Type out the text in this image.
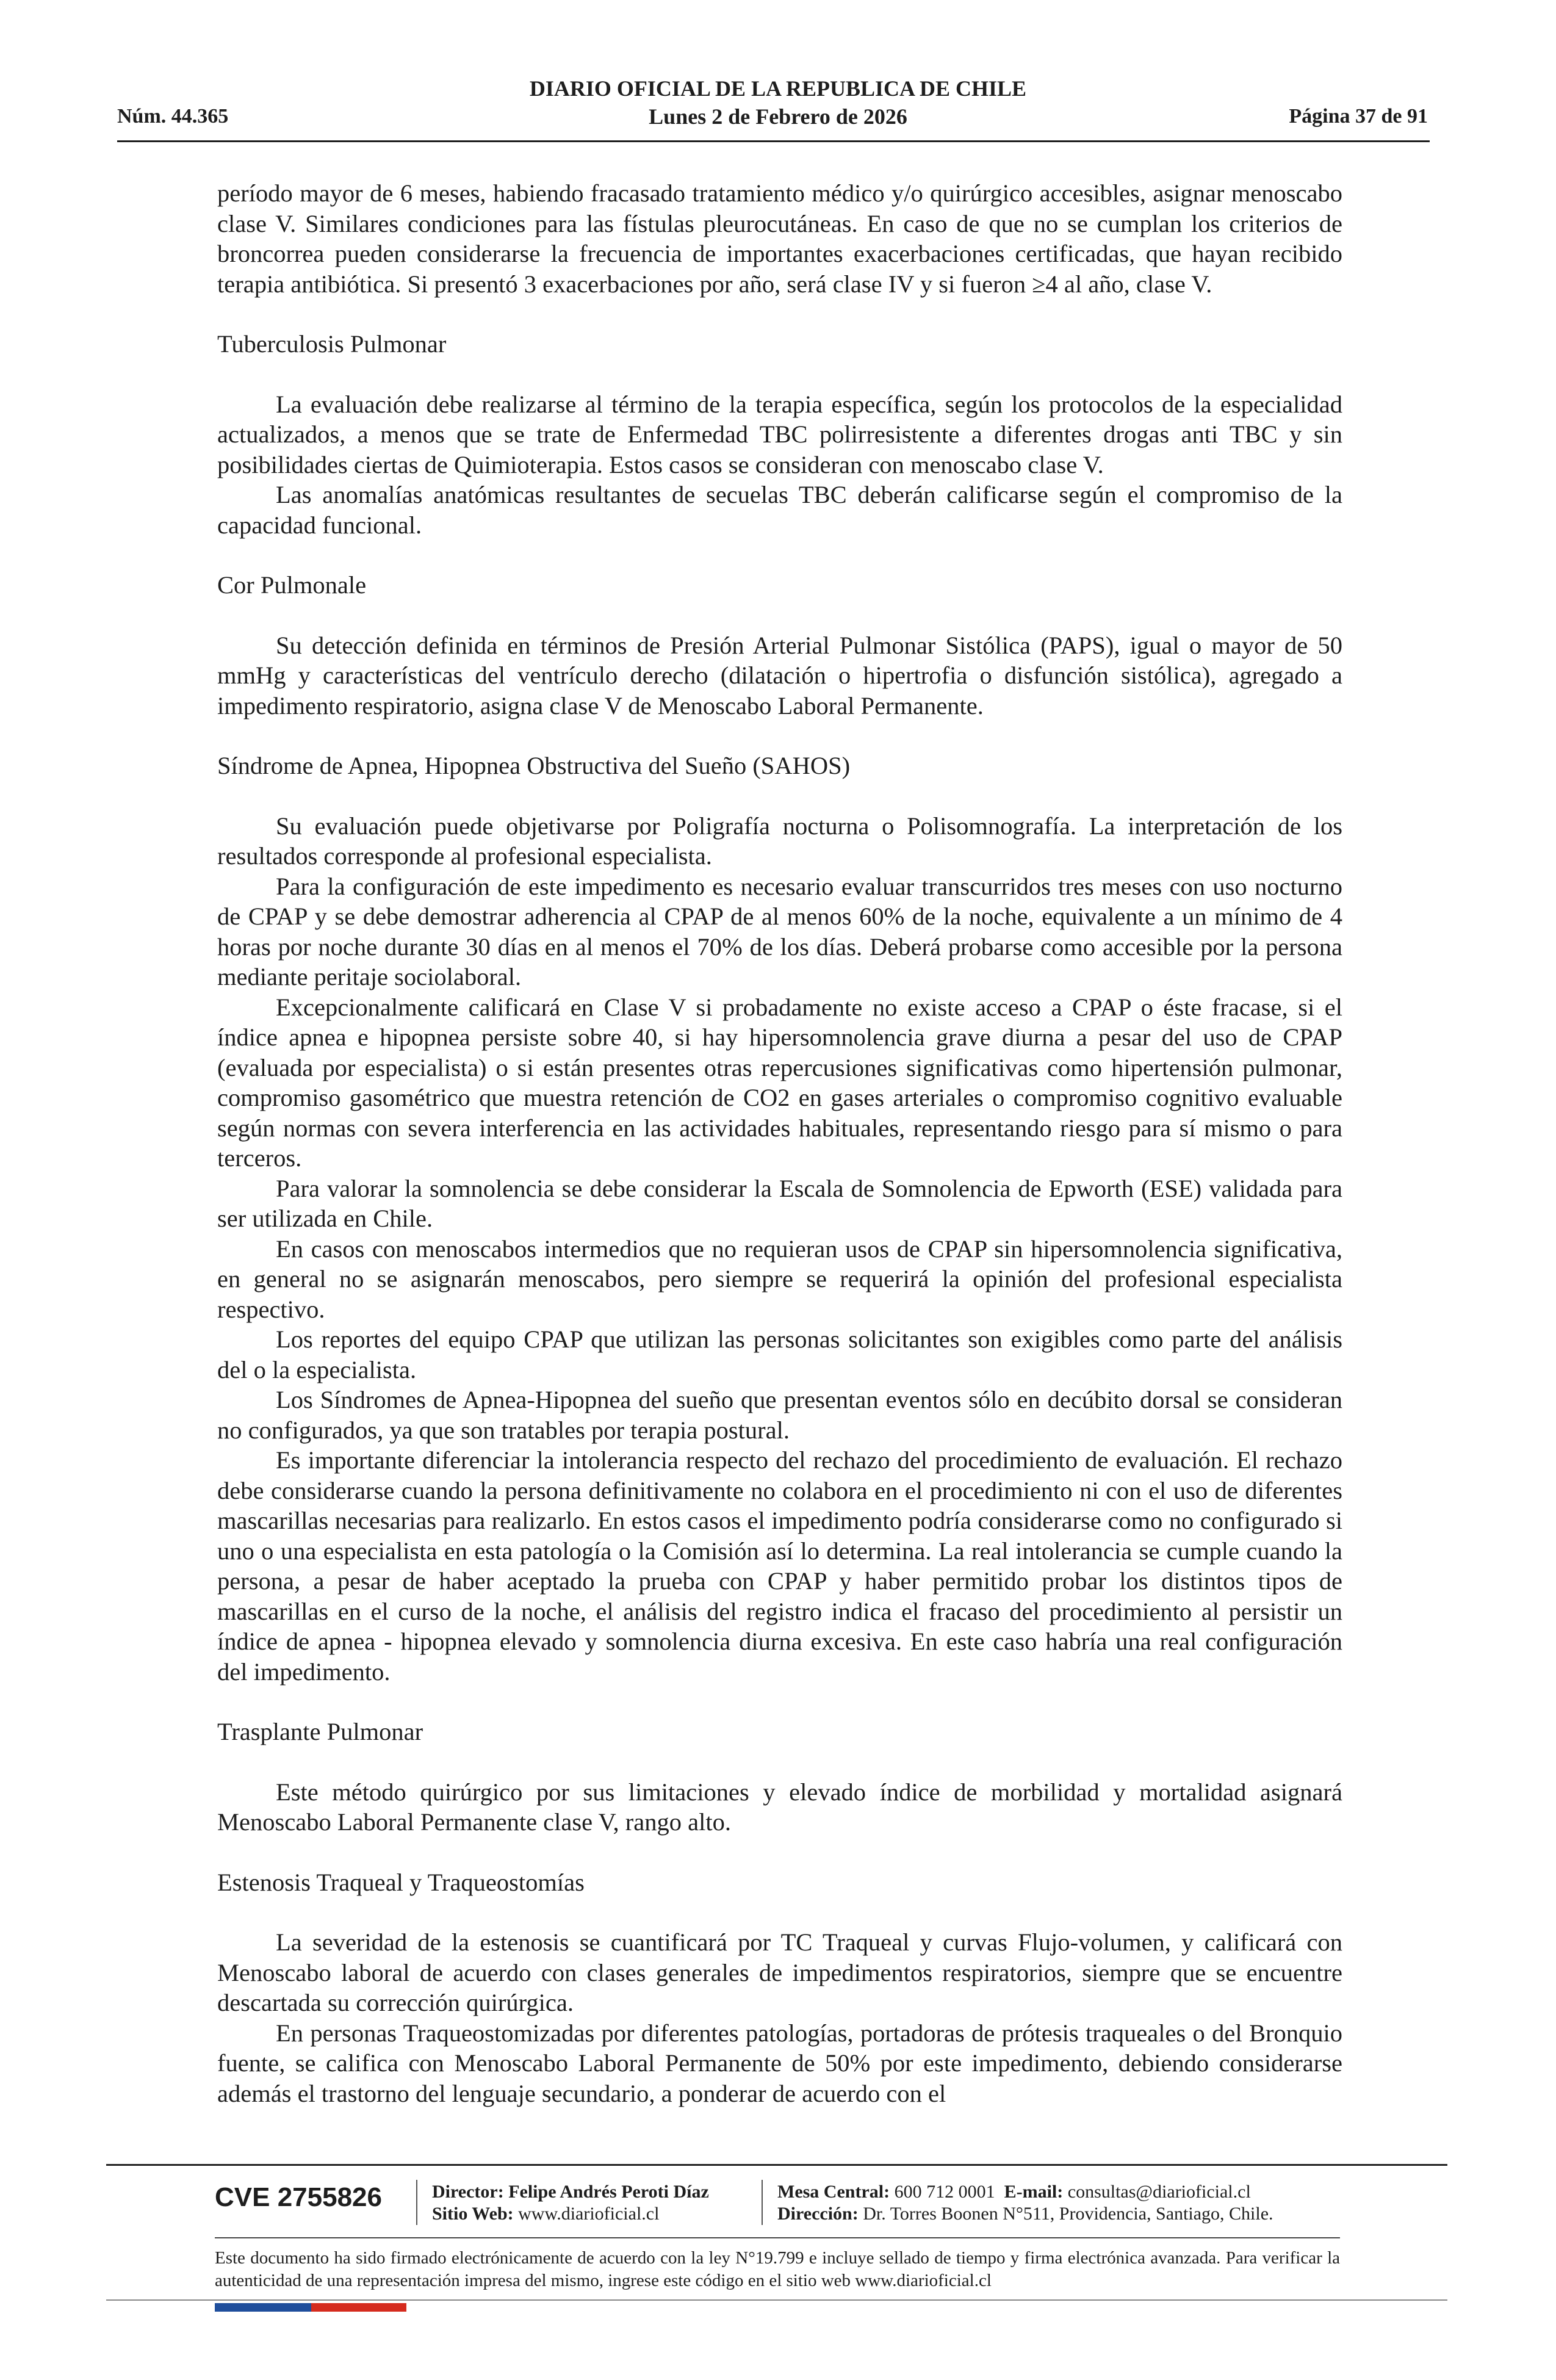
Núm. 44.365
DIARIO OFICIAL DE LA REPUBLICA DE CHILE
Lunes 2 de Febrero de 2026	Página 37 de 91

período mayor de 6 meses, habiendo fracasado tratamiento médico y/o quirúrgico accesibles, asignar menoscabo clase V. Similares condiciones para las fístulas pleurocutáneas. En caso de que no se cumplan los criterios de broncorrea pueden considerarse la frecuencia de importantes exacerbaciones certificadas, que hayan recibido terapia antibiótica. Si presentó 3 exacerbaciones por año, será clase IV y si fueron ≥4 al año, clase V.

Tuberculosis Pulmonar

La evaluación debe realizarse al término de la terapia específica, según los protocolos de la especialidad actualizados, a menos que se trate de Enfermedad TBC polirresistente a diferentes drogas anti TBC y sin posibilidades ciertas de Quimioterapia. Estos casos se consideran con menoscabo clase V.

Las anomalías anatómicas resultantes de secuelas TBC deberán calificarse según el compromiso de la capacidad funcional.

Cor Pulmonale

Su detección definida en términos de Presión Arterial Pulmonar Sistólica (PAPS), igual o mayor de 50 mmHg y características del ventrículo derecho (dilatación o hipertrofia o disfunción sistólica), agregado a impedimento respiratorio, asigna clase V de Menoscabo Laboral Permanente.

Síndrome de Apnea, Hipopnea Obstructiva del Sueño (SAHOS)

Su evaluación puede objetivarse por Poligrafía nocturna o Polisomnografía. La interpretación de los resultados corresponde al profesional especialista.

Para la configuración de este impedimento es necesario evaluar transcurridos tres meses con uso nocturno de CPAP y se debe demostrar adherencia al CPAP de al menos 60% de la noche, equivalente a un mínimo de 4 horas por noche durante 30 días en al menos el 70% de los días. Deberá probarse como accesible por la persona mediante peritaje sociolaboral.

Excepcionalmente calificará en Clase V si probadamente no existe acceso a CPAP o éste fracase, si el índice apnea e hipopnea persiste sobre 40, si hay hipersomnolencia grave diurna a pesar del uso de CPAP (evaluada por especialista) o si están presentes otras repercusiones significativas como hipertensión pulmonar, compromiso gasométrico que muestra retención de CO2 en gases arteriales o compromiso cognitivo evaluable según normas con severa interferencia en las actividades habituales, representando riesgo para sí mismo o para terceros.

Para valorar la somnolencia se debe considerar la Escala de Somnolencia de Epworth (ESE) validada para ser utilizada en Chile.

En casos con menoscabos intermedios que no requieran usos de CPAP sin hipersomnolencia significativa, en general no se asignarán menoscabos, pero siempre se requerirá la opinión del profesional especialista respectivo.

Los reportes del equipo CPAP que utilizan las personas solicitantes son exigibles como parte del análisis del o la especialista.

Los Síndromes de Apnea-Hipopnea del sueño que presentan eventos sólo en decúbito dorsal se consideran no configurados, ya que son tratables por terapia postural.

Es importante diferenciar la intolerancia respecto del rechazo del procedimiento de evaluación. El rechazo debe considerarse cuando la persona definitivamente no colabora en el procedimiento ni con el uso de diferentes mascarillas necesarias para realizarlo. En estos casos el impedimento podría considerarse como no configurado si uno o una especialista en esta patología o la Comisión así lo determina. La real intolerancia se cumple cuando la persona, a pesar de haber aceptado la prueba con CPAP y haber permitido probar los distintos tipos de mascarillas en el curso de la noche, el análisis del registro indica el fracaso del procedimiento al persistir un índice de apnea - hipopnea elevado y somnolencia diurna excesiva. En este caso habría una real configuración del impedimento.

Trasplante Pulmonar

Este método quirúrgico por sus limitaciones y elevado índice de morbilidad y mortalidad asignará Menoscabo Laboral Permanente clase V, rango alto.

Estenosis Traqueal y Traqueostomías

La severidad de la estenosis se cuantificará por TC Traqueal y curvas Flujo-volumen, y calificará con Menoscabo laboral de acuerdo con clases generales de impedimentos respiratorios, siempre que se encuentre descartada su corrección quirúrgica.

En personas Traqueostomizadas por diferentes patologías, portadoras de prótesis traqueales o del Bronquio fuente, se califica con Menoscabo Laboral Permanente de 50% por este impedimento, debiendo considerarse además el trastorno del lenguaje secundario, a ponderar de acuerdo con el

CVE 2755826	Director: Felipe Andrés Peroti Díaz
Sitio Web: www.diarioficial.cl
Mesa Central: 600 712 0001 E-mail: consultas@diarioficial.cl
Dirección: Dr. Torres Boonen N°511, Providencia, Santiago, Chile.
Este documento ha sido firmado electrónicamente de acuerdo con la ley N°19.799 e incluye sellado de tiempo y firma electrónica avanzada. Para verificar la autenticidad de una representación impresa del mismo, ingrese este código en el sitio web www.diarioficial.cl
